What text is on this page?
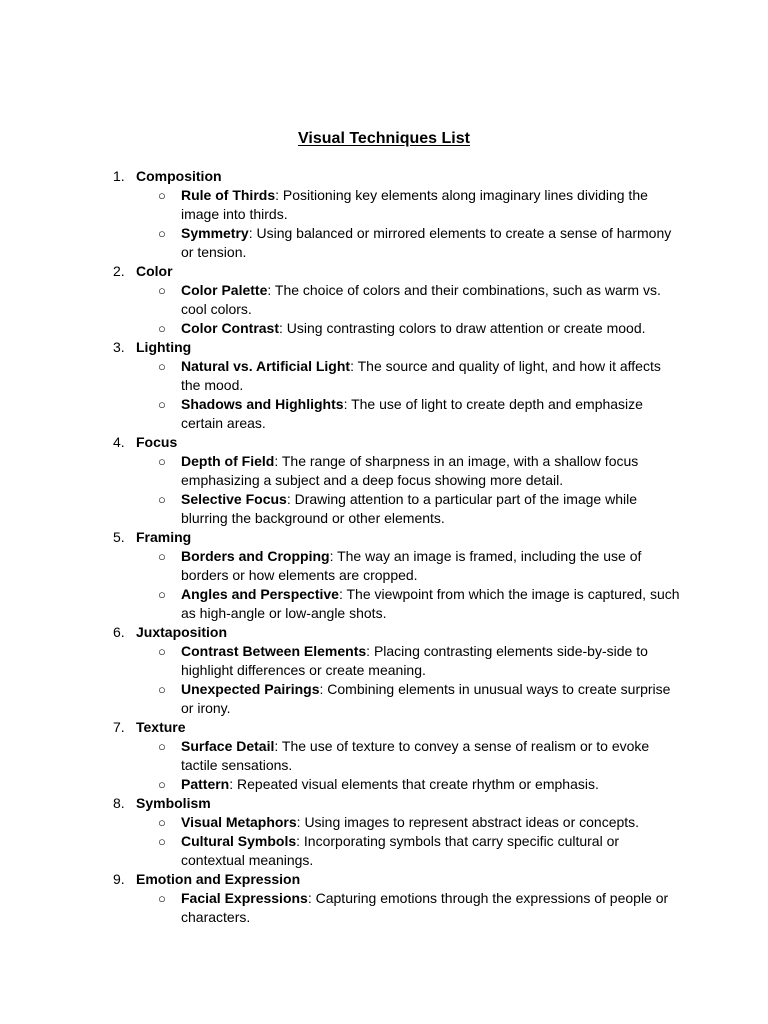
Visual Techniques List
1. Composition
○ Rule of Thirds: Positioning key elements along imaginary lines dividing the image into thirds.
○ Symmetry: Using balanced or mirrored elements to create a sense of harmony or tension.
2. Color
○ Color Palette: The choice of colors and their combinations, such as warm vs. cool colors.
○ Color Contrast: Using contrasting colors to draw attention or create mood.
3. Lighting
○ Natural vs. Artificial Light: The source and quality of light, and how it affects the mood.
○ Shadows and Highlights: The use of light to create depth and emphasize certain areas.
4. Focus
○ Depth of Field: The range of sharpness in an image, with a shallow focus emphasizing a subject and a deep focus showing more detail.
○ Selective Focus: Drawing attention to a particular part of the image while blurring the background or other elements.
5. Framing
○ Borders and Cropping: The way an image is framed, including the use of borders or how elements are cropped.
○ Angles and Perspective: The viewpoint from which the image is captured, such as high-angle or low-angle shots.
6. Juxtaposition
○ Contrast Between Elements: Placing contrasting elements side-by-side to highlight differences or create meaning.
○ Unexpected Pairings: Combining elements in unusual ways to create surprise or irony.
7. Texture
○ Surface Detail: The use of texture to convey a sense of realism or to evoke tactile sensations.
○ Pattern: Repeated visual elements that create rhythm or emphasis.
8. Symbolism
○ Visual Metaphors: Using images to represent abstract ideas or concepts.
○ Cultural Symbols: Incorporating symbols that carry specific cultural or contextual meanings.
9. Emotion and Expression
○ Facial Expressions: Capturing emotions through the expressions of people or characters.
